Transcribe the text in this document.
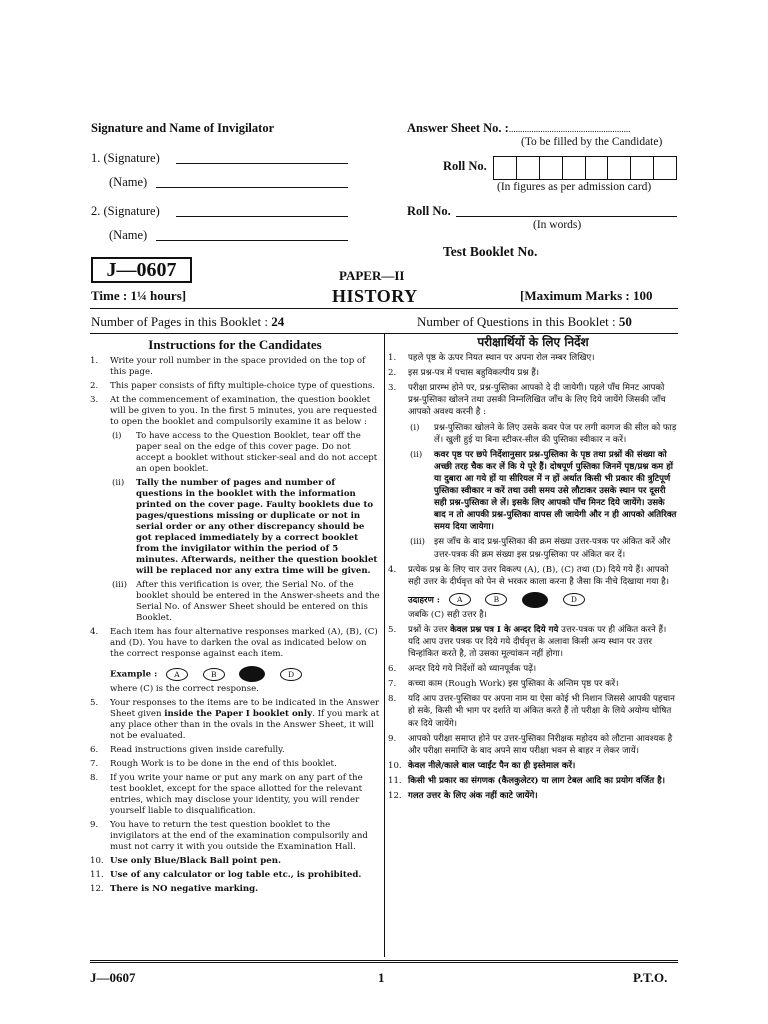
Signature and Name of Invigilator
1. (Signature)
(Name)
2. (Signature)
(Name)
Answer Sheet No. :......................................................
(To be filled by the Candidate)
Roll No.
(In figures as per admission card)
Roll No.
(In words)
Test Booklet No.
J—0607	PAPER—II
HISTORY
Time : 1¼ hours]	[Maximum Marks : 100
Number of Pages in this Booklet : 24	Number of Questions in this Booklet : 50
Instructions for the Candidates
1.	Write your roll number in the space provided on the top of this page.
2.	This paper consists of fifty multiple-choice type of questions.
3.	At the commencement of examination, the question booklet will be given to you. In the first 5 minutes, you are requested to open the booklet and compulsorily examine it as below :
(i)	To have access to the Question Booklet, tear off the paper seal on the edge of this cover page. Do not accept a booklet without sticker-seal and do not accept an open booklet.
(ii)	Tally the number of pages and number of questions in the booklet with the information printed on the cover page. Faulty booklets due to pages/questions missing or duplicate or not in serial order or any other discrepancy should be got replaced immediately by a correct booklet from the invigilator within the period of 5 minutes. Afterwards, neither the question booklet will be replaced nor any extra time will be given.
(iii) After this verification is over, the Serial No. of the booklet should be entered in the Answer-sheets and the Serial No. of Answer Sheet should be entered on this Booklet.
4.	Each item has four alternative responses marked (A), (B), (C) and (D). You have to darken the oval as indicated below on the correct response against each item.
Example : A	B	D
where (C) is the correct response.
5.	Your responses to the items are to be indicated in the Answer Sheet given inside the Paper I booklet only. If you mark at any place other than in the ovals in the Answer Sheet, it will not be evaluated.
6.	Read instructions given inside carefully.
7.	Rough Work is to be done in the end of this booklet.
8.	If you write your name or put any mark on any part of the test booklet, except for the space allotted for the relevant entries, which may disclose your identity, you will render yourself liable to disqualification.
9.	You have to return the test question booklet to the invigilators at the end of the examination compulsorily and must not carry it with you outside the Examination Hall.
10. Use only Blue/Black Ball point pen.
11. Use of any calculator or log table etc., is prohibited.
12. There is NO negative marking.
परीक्षार्थियों के लिए निर्देश
1.	पहले पृष्ठ के ऊपर नियत स्थान पर अपना रोल नम्बर लिखिए।
2.	इस प्रश्न-पत्र में पचास बहुविकल्पीय प्रश्न हैं।
3.	परीक्षा प्रारम्भ होने पर, प्रश्न-पुस्तिका आपको दे दी जायेगी। पहले पाँच मिनट आपको प्रश्न-पुस्तिका खोलने तथा उसकी निम्नलिखित जाँच के लिए दिये जायेंगे जिसकी जाँच आपको अवश्य करनी है :
(i)	प्रश्न-पुस्तिका खोलने के लिए उसके कवर पेज पर लगी कागज की सील को फाड़ लें। खुली हुई या बिना स्टीकर-सील की पुस्तिका स्वीकार न करें।
(ii)	कवर पृष्ठ पर छपे निर्देशानुसार प्रश्न-पुस्तिका के पृष्ठ तथा प्रश्नों की संख्या को अच्छी तरह चैक कर लें कि ये पूरे हैं। दोषपूर्ण पुस्तिका जिनमें पृष्ठ/प्रश्न कम हों या दुबारा आ गये हों या सीरियल में न हों अर्थात किसी भी प्रकार की त्रुटिपूर्ण पुस्तिका स्वीकार न करें तथा उसी समय उसे लौटाकर उसके स्थान पर दूसरी सही प्रश्न-पुस्तिका ले लें। इसके लिए आपको पाँच मिनट दिये जायेंगे। उसके बाद न तो आपकी प्रश्न-पुस्तिका वापस ली जायेगी और न ही आपको अतिरिक्त समय दिया जायेगा।
(iii) इस जाँच के बाद प्रश्न-पुस्तिका की क्रम संख्या उत्तर-पत्रक पर अंकित करें और उत्तर-पत्रक की क्रम संख्या इस प्रश्न-पुस्तिका पर अंकित कर दें।
4.	प्रत्येक प्रश्न के लिए चार उत्तर विकल्प (A), (B), (C) तथा (D) दिये गये हैं। आपको सही उत्तर के दीर्घवृत्त को पेन से भरकर काला करना है जैसा कि नीचे दिखाया गया है।
उदाहरण : A	B	D
जबकि (C) सही उत्तर है।
5.	प्रश्नों के उत्तर केवल प्रश्न पत्र I के अन्दर दिये गये उत्तर-पत्रक पर ही अंकित करने हैं। यदि आप उत्तर पत्रक पर दिये गये दीर्घवृत्त के अलावा किसी अन्य स्थान पर उत्तर चिन्हांकित करते है, तो उसका मूल्यांकन नहीं होगा।
6.	अन्दर दिये गये निर्देशों को ध्यानपूर्वक पढ़ें।
7.	कच्चा काम (Rough Work) इस पुस्तिका के अन्तिम पृष्ठ पर करें।
8.	यदि आप उत्तर-पुस्तिका पर अपना नाम या ऐसा कोई भी निशान जिससे आपकी पहचान हो सके, किसी भी भाग पर दर्शाते या अंकित करते हैं तो परीक्षा के लिये अयोग्य घोषित कर दिये जायेंगे।
9.	आपको परीक्षा समाप्त होने पर उत्तर-पुस्तिका निरीक्षक महोदय को लौटाना आवश्यक है और परीक्षा समाप्ति के बाद अपने साथ परीक्षा भवन से बाहर न लेकर जायें।
10. केवल नीले/काले बाल प्वाईंट पैन का ही इस्तेमाल करें।
11. किसी भी प्रकार का संगणक (कैलकुलेटर) या लाग टेबल आदि का प्रयोग वर्जित है।
12. गलत उत्तर के लिए अंक नहीं काटे जायेंगे।
J—0607	1	P.T.O.
